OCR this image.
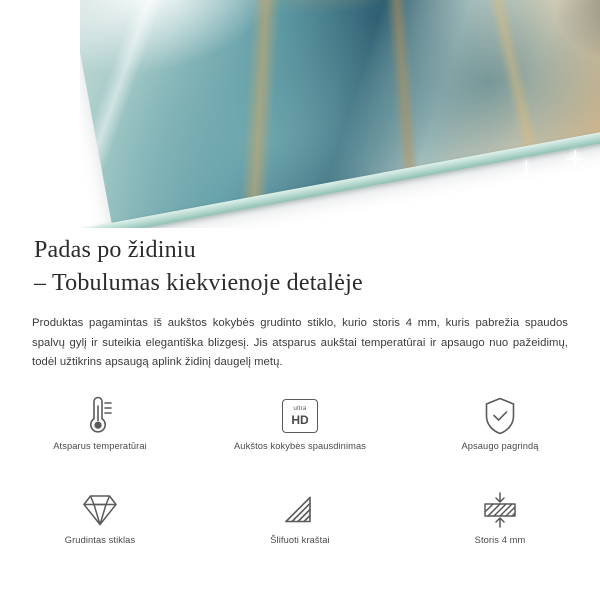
Padas po židiniu
– Tobulumas kiekvienoje detalėje

Produktas pagamintas iš aukštos kokybės grudinto stiklo, kurio storis 4 mm, kuris pabrežia spaudos spalvų gylį ir suteikia elegantiška blizgesį. Jis atsparus aukštai temperatūrai ir apsaugo nuo pažeidimų, todėl užtikrins apsaugą aplink židinį daugelį metų.

Atsparus temperatūrai
ultra
HD
Aukštos kokybės spausdinimas	Apsaugo pagrindą
Grudintas stiklas	Šlifuoti kraštai	Storis 4 mm
